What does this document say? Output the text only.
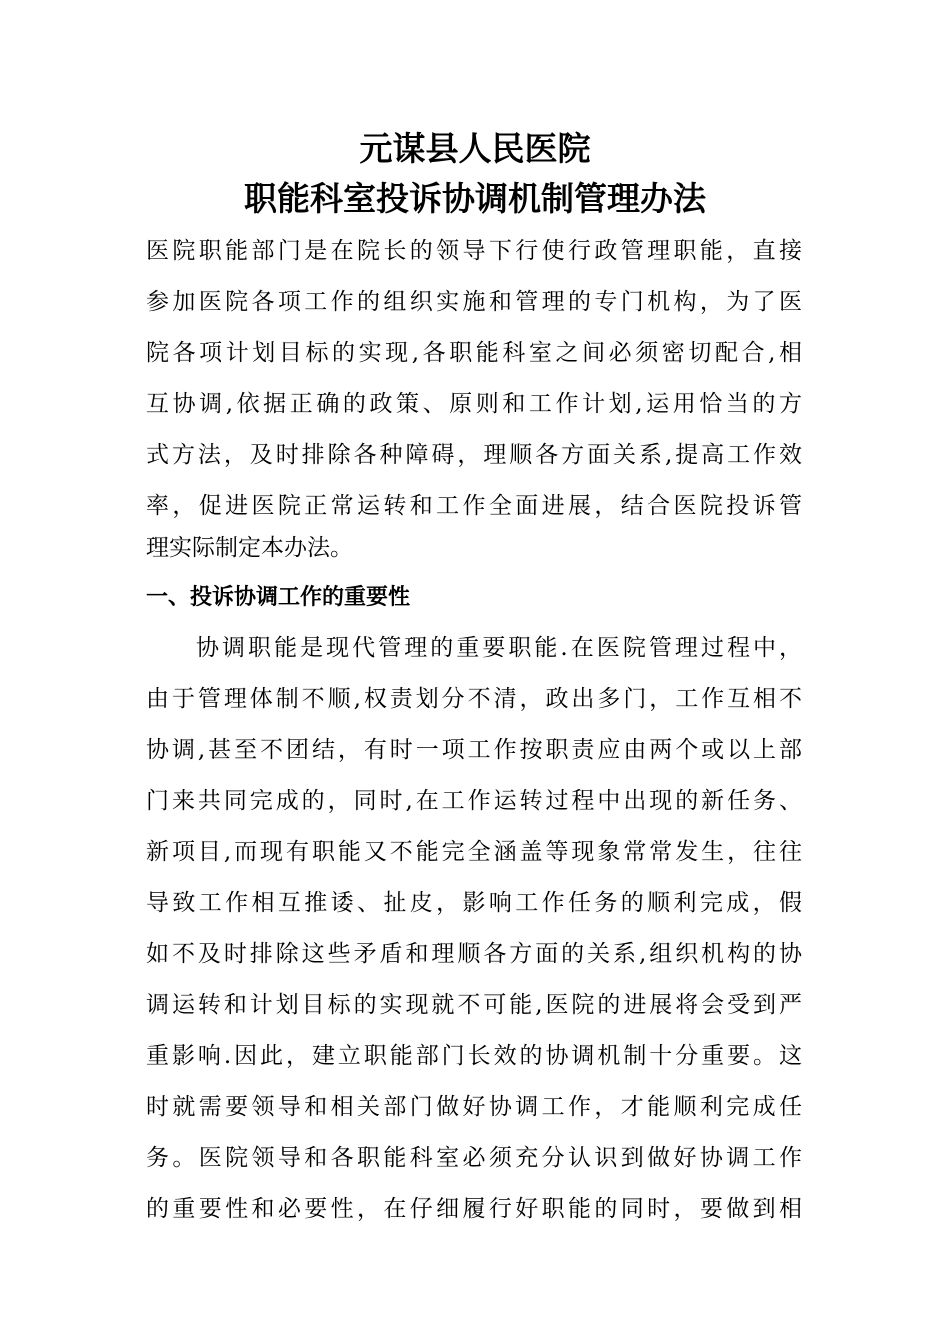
元谋县人民医院
职能科室投诉协调机制管理办法
医院职能部门是在院长的领导下行使行政管理职能，直接
参加医院各项工作的组织实施和管理的专门机构，为了医
院各项计划目标的实现,各职能科室之间必须密切配合,相
互协调,依据正确的政策、原则和工作计划,运用恰当的方
式方法，及时排除各种障碍，理顺各方面关系,提高工作效
率，促进医院正常运转和工作全面进展，结合医院投诉管
理实际制定本办法。
一、投诉协调工作的重要性
协调职能是现代管理的重要职能.在医院管理过程中，
由于管理体制不顺,权责划分不清，政出多门，工作互相不
协调,甚至不团结，有时一项工作按职责应由两个或以上部
门来共同完成的，同时,在工作运转过程中出现的新任务、
新项目,而现有职能又不能完全涵盖等现象常常发生，往往
导致工作相互推诿、扯皮，影响工作任务的顺利完成，假
如不及时排除这些矛盾和理顺各方面的关系,组织机构的协
调运转和计划目标的实现就不可能,医院的进展将会受到严
重影响.因此，建立职能部门长效的协调机制十分重要。这
时就需要领导和相关部门做好协调工作，才能顺利完成任
务。医院领导和各职能科室必须充分认识到做好协调工作
的重要性和必要性，在仔细履行好职能的同时，要做到相
